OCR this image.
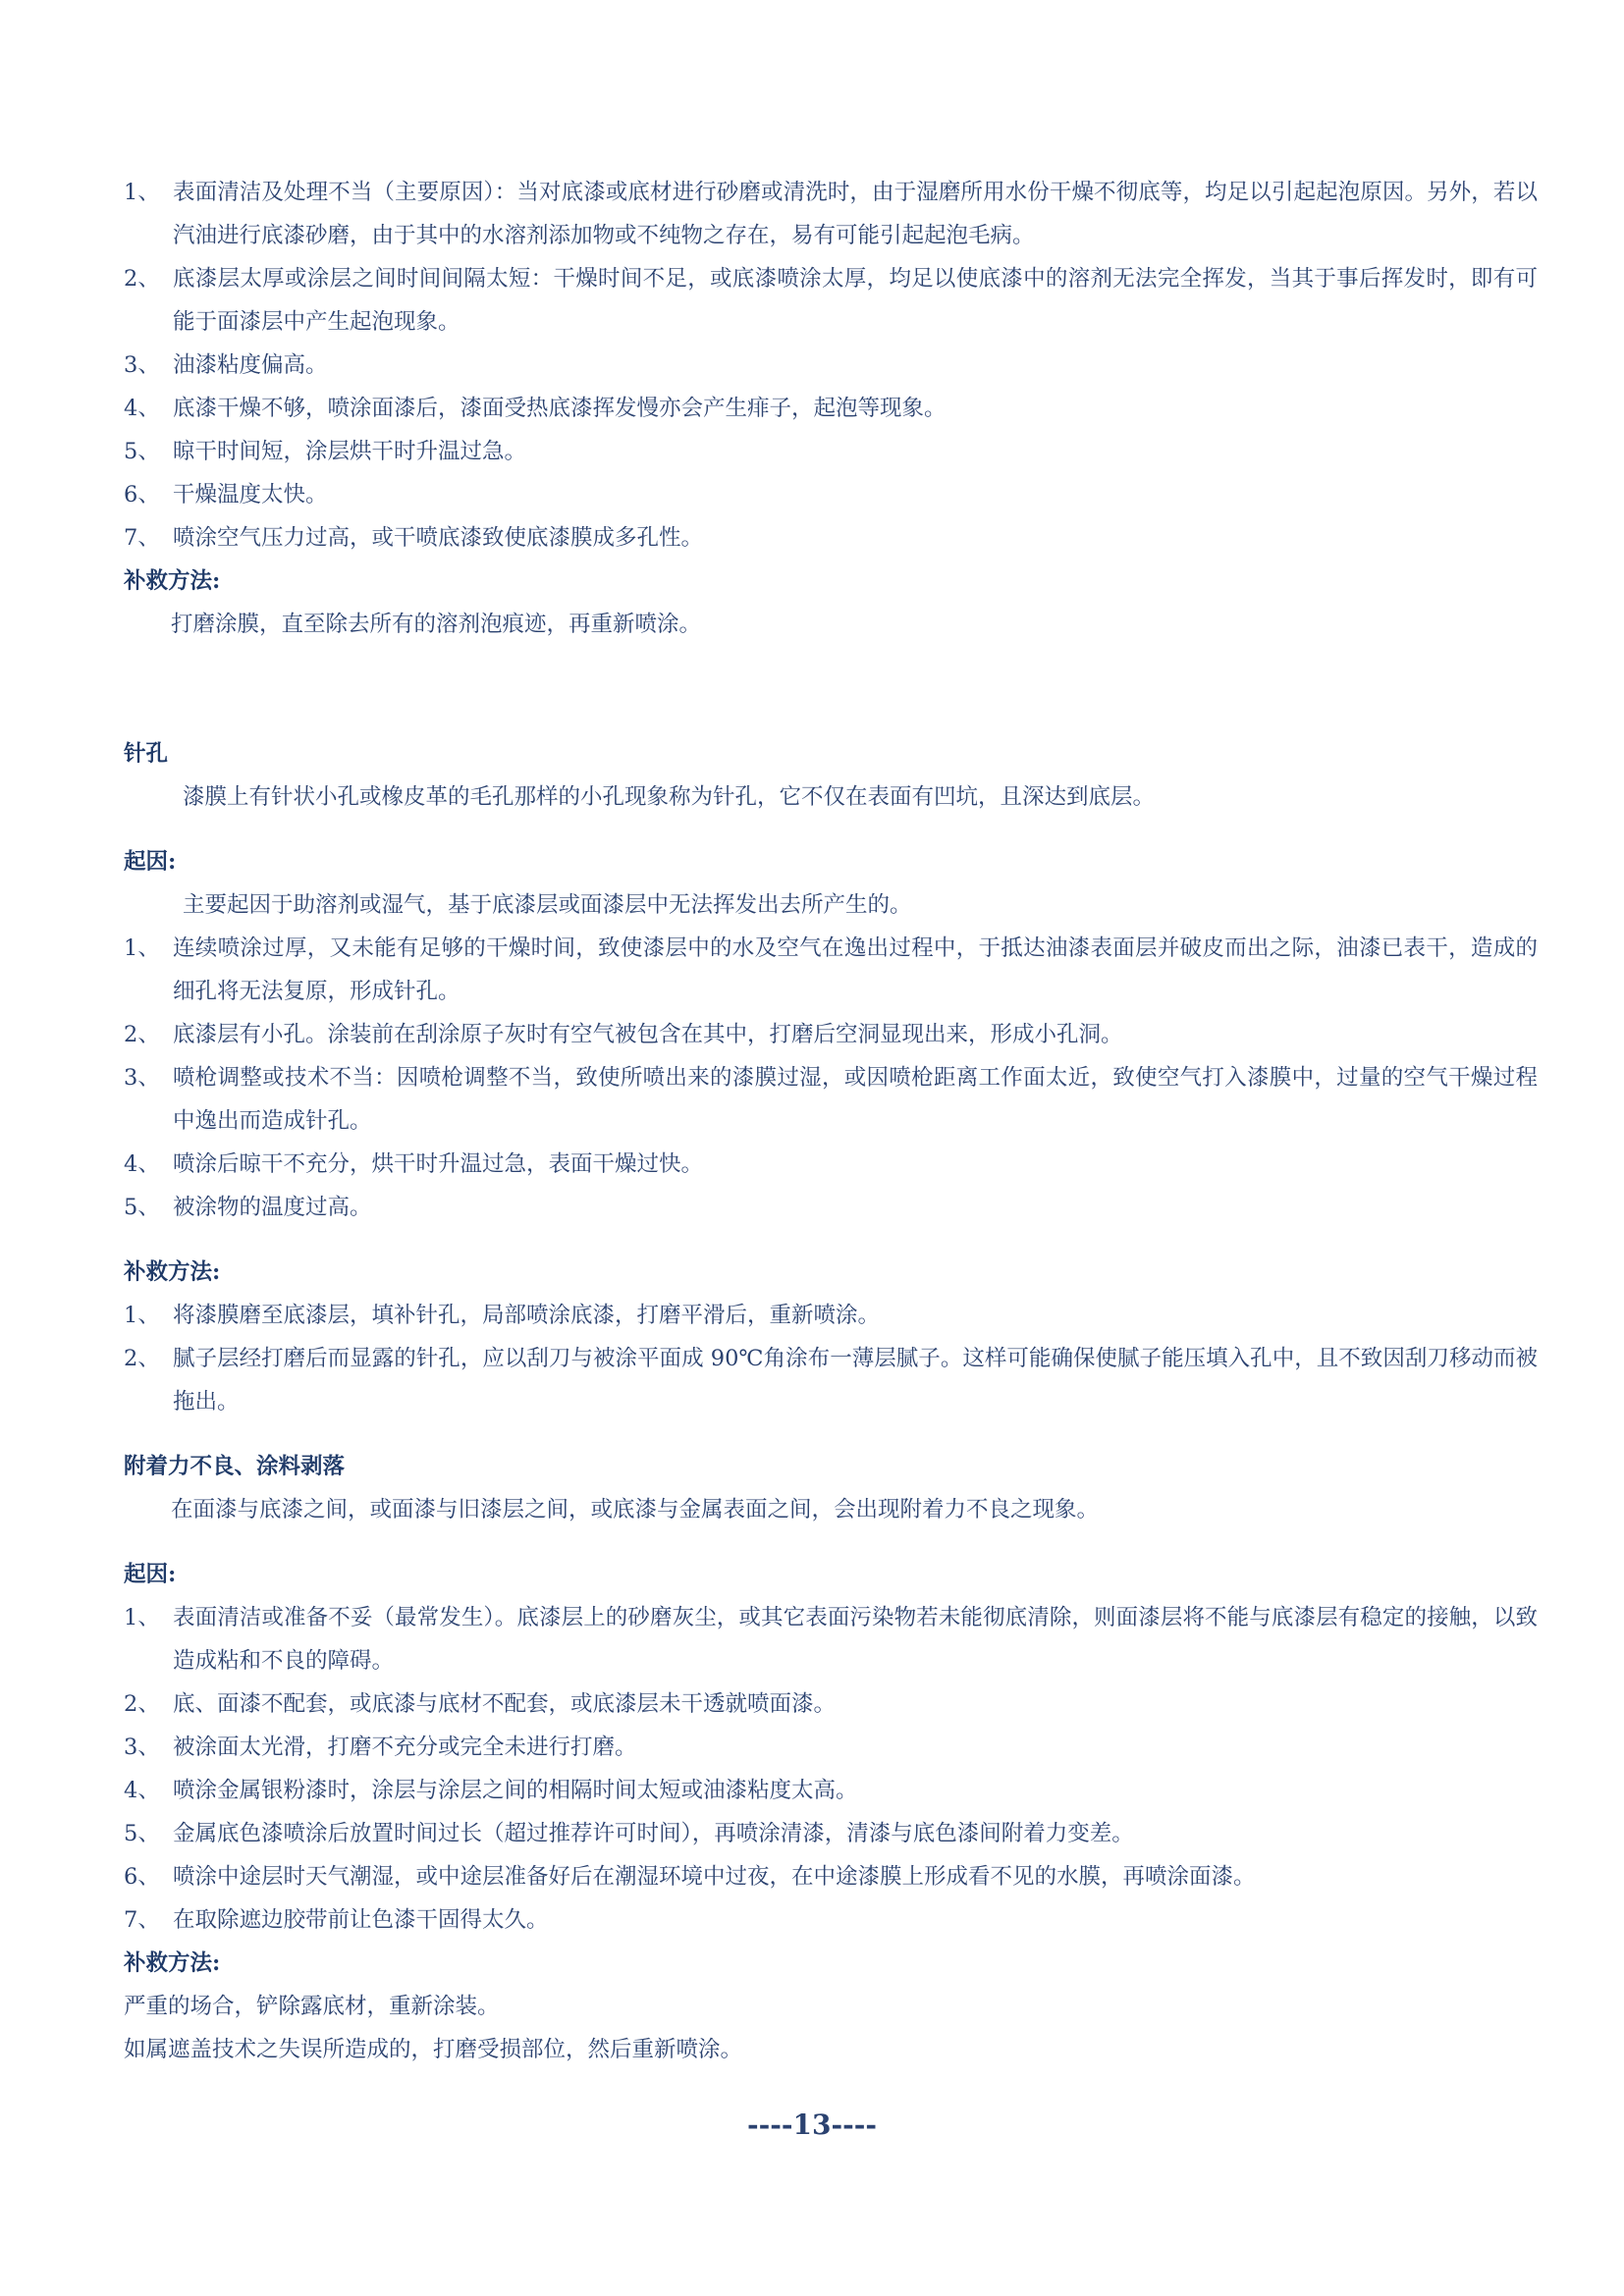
1、 表面清洁及处理不当（主要原因）：当对底漆或底材进行砂磨或清洗时，由于湿磨所用水份干燥不彻底等，均足以引起起泡原因。另外，若以汽油进行底漆砂磨，由于其中的水溶剂添加物或不纯物之存在，易有可能引起起泡毛病。
2、 底漆层太厚或涂层之间时间间隔太短：干燥时间不足，或底漆喷涂太厚，均足以使底漆中的溶剂无法完全挥发，当其于事后挥发时，即有可能于面漆层中产生起泡现象。
3、 油漆粘度偏高。
4、 底漆干燥不够，喷涂面漆后，漆面受热底漆挥发慢亦会产生痱子，起泡等现象。
5、 晾干时间短，涂层烘干时升温过急。
6、 干燥温度太快。
7、 喷涂空气压力过高，或干喷底漆致使底漆膜成多孔性。
补救方法:
打磨涂膜，直至除去所有的溶剂泡痕迹，再重新喷涂。
针孔
漆膜上有针状小孔或橡皮革的毛孔那样的小孔现象称为针孔，它不仅在表面有凹坑，且深达到底层。
起因:
主要起因于助溶剂或湿气，基于底漆层或面漆层中无法挥发出去所产生的。
1、 连续喷涂过厚，又未能有足够的干燥时间，致使漆层中的水及空气在逸出过程中，于抵达油漆表面层并破皮而出之际，油漆已表干，造成的细孔将无法复原，形成针孔。
2、 底漆层有小孔。涂装前在刮涂原子灰时有空气被包含在其中，打磨后空洞显现出来，形成小孔洞。
3、 喷枪调整或技术不当：因喷枪调整不当，致使所喷出来的漆膜过湿，或因喷枪距离工作面太近，致使空气打入漆膜中，过量的空气干燥过程中逸出而造成针孔。
4、 喷涂后晾干不充分，烘干时升温过急，表面干燥过快。
5、 被涂物的温度过高。
补救方法:
1、 将漆膜磨至底漆层，填补针孔，局部喷涂底漆，打磨平滑后，重新喷涂。
2、 腻子层经打磨后而显露的针孔，应以刮刀与被涂平面成 90℃角涂布一薄层腻子。这样可能确保使腻子能压填入孔中，且不致因刮刀移动而被拖出。
附着力不良、涂料剥落
在面漆与底漆之间，或面漆与旧漆层之间，或底漆与金属表面之间，会出现附着力不良之现象。
起因:
1、 表面清洁或准备不妥（最常发生）。底漆层上的砂磨灰尘，或其它表面污染物若未能彻底清除，则面漆层将不能与底漆层有稳定的接触，以致造成粘和不良的障碍。
2、 底、面漆不配套，或底漆与底材不配套，或底漆层未干透就喷面漆。
3、 被涂面太光滑，打磨不充分或完全未进行打磨。
4、 喷涂金属银粉漆时，涂层与涂层之间的相隔时间太短或油漆粘度太高。
5、 金属底色漆喷涂后放置时间过长（超过推荐许可时间），再喷涂清漆，清漆与底色漆间附着力变差。
6、 喷涂中途层时天气潮湿，或中途层准备好后在潮湿环境中过夜，在中途漆膜上形成看不见的水膜，再喷涂面漆。
7、 在取除遮边胶带前让色漆干固得太久。
补救方法:
严重的场合，铲除露底材，重新涂装。
如属遮盖技术之失误所造成的，打磨受损部位，然后重新喷涂。
----13----
